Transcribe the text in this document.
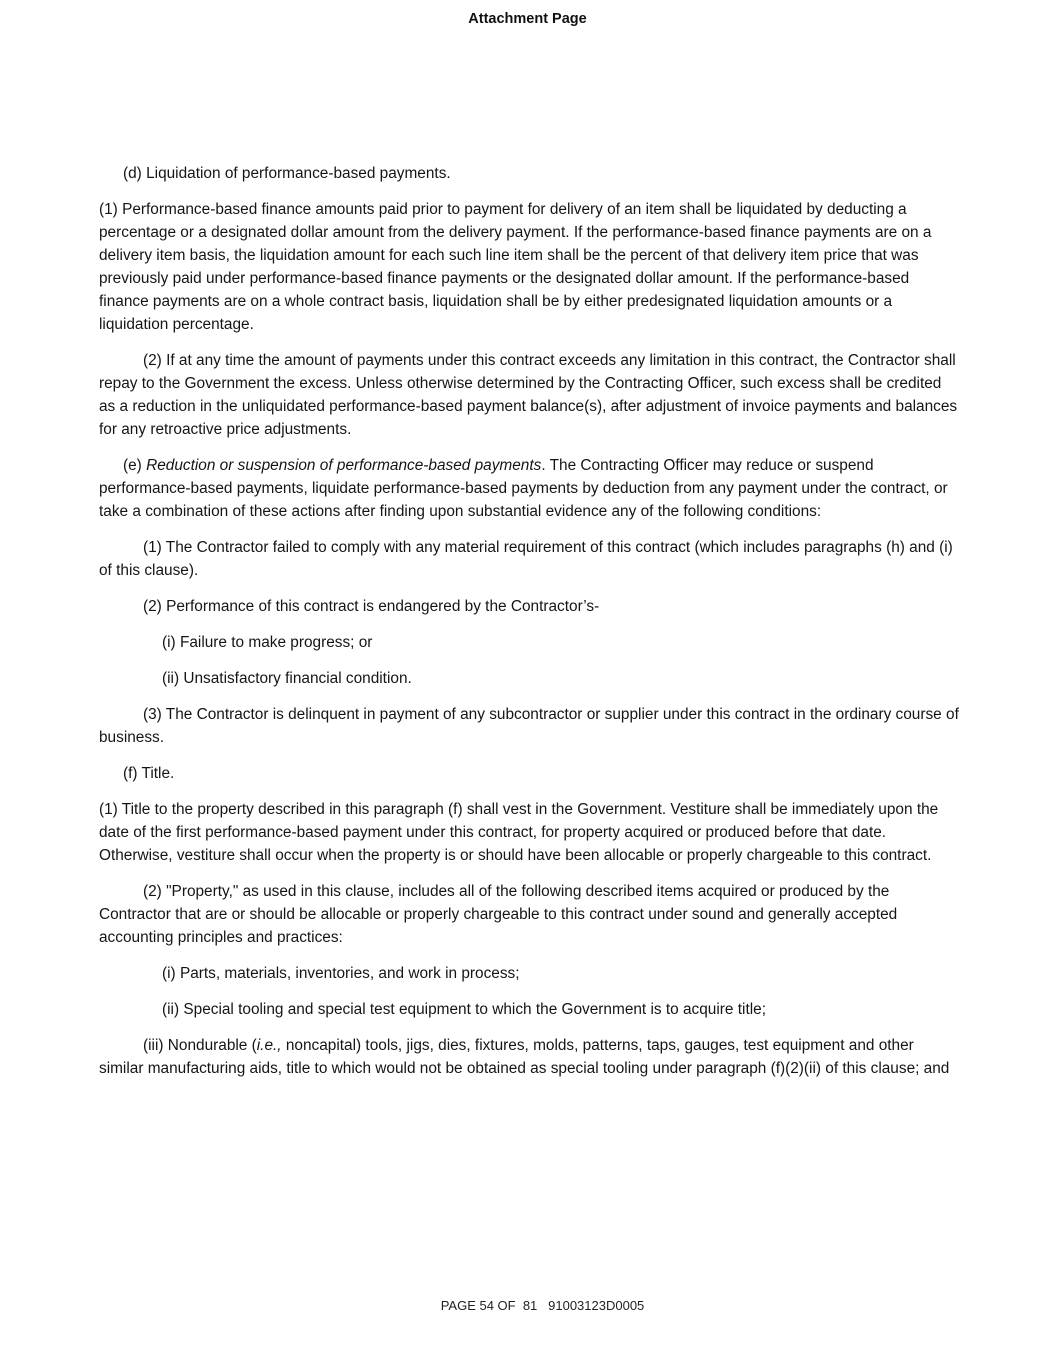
Attachment Page

(d) Liquidation of performance-based payments.

(1) Performance-based finance amounts paid prior to payment for delivery of an item shall be liquidated by deducting a percentage or a designated dollar amount from the delivery payment. If the performance-based finance payments are on a delivery item basis, the liquidation amount for each such line item shall be the percent of that delivery item price that was previously paid under performance-based finance payments or the designated dollar amount. If the performance-based finance payments are on a whole contract basis, liquidation shall be by either predesignated liquidation amounts or a liquidation percentage.

(2) If at any time the amount of payments under this contract exceeds any limitation in this contract, the Contractor shall repay to the Government the excess. Unless otherwise determined by the Contracting Officer, such excess shall be credited as a reduction in the unliquidated performance-based payment balance(s), after adjustment of invoice payments and balances for any retroactive price adjustments.

(e) Reduction or suspension of performance-based payments. The Contracting Officer may reduce or suspend performance-based payments, liquidate performance-based payments by deduction from any payment under the contract, or take a combination of these actions after finding upon substantial evidence any of the following conditions:

(1) The Contractor failed to comply with any material requirement of this contract (which includes paragraphs (h) and (i) of this clause).

(2) Performance of this contract is endangered by the Contractor’s-

(i) Failure to make progress; or

(ii) Unsatisfactory financial condition.

(3) The Contractor is delinquent in payment of any subcontractor or supplier under this contract in the ordinary course of business.

(f) Title.

(1) Title to the property described in this paragraph (f) shall vest in the Government. Vestiture shall be immediately upon the date of the first performance-based payment under this contract, for property acquired or produced before that date. Otherwise, vestiture shall occur when the property is or should have been allocable or properly chargeable to this contract.

(2) "Property," as used in this clause, includes all of the following described items acquired or produced by the Contractor that are or should be allocable or properly chargeable to this contract under sound and generally accepted accounting principles and practices:

(i) Parts, materials, inventories, and work in process;

(ii) Special tooling and special test equipment to which the Government is to acquire title;

(iii) Nondurable (i.e., noncapital) tools, jigs, dies, fixtures, molds, patterns, taps, gauges, test equipment and other similar manufacturing aids, title to which would not be obtained as special tooling under paragraph (f)(2)(ii) of this clause; and

PAGE 54 OF  81 91003123D0005
